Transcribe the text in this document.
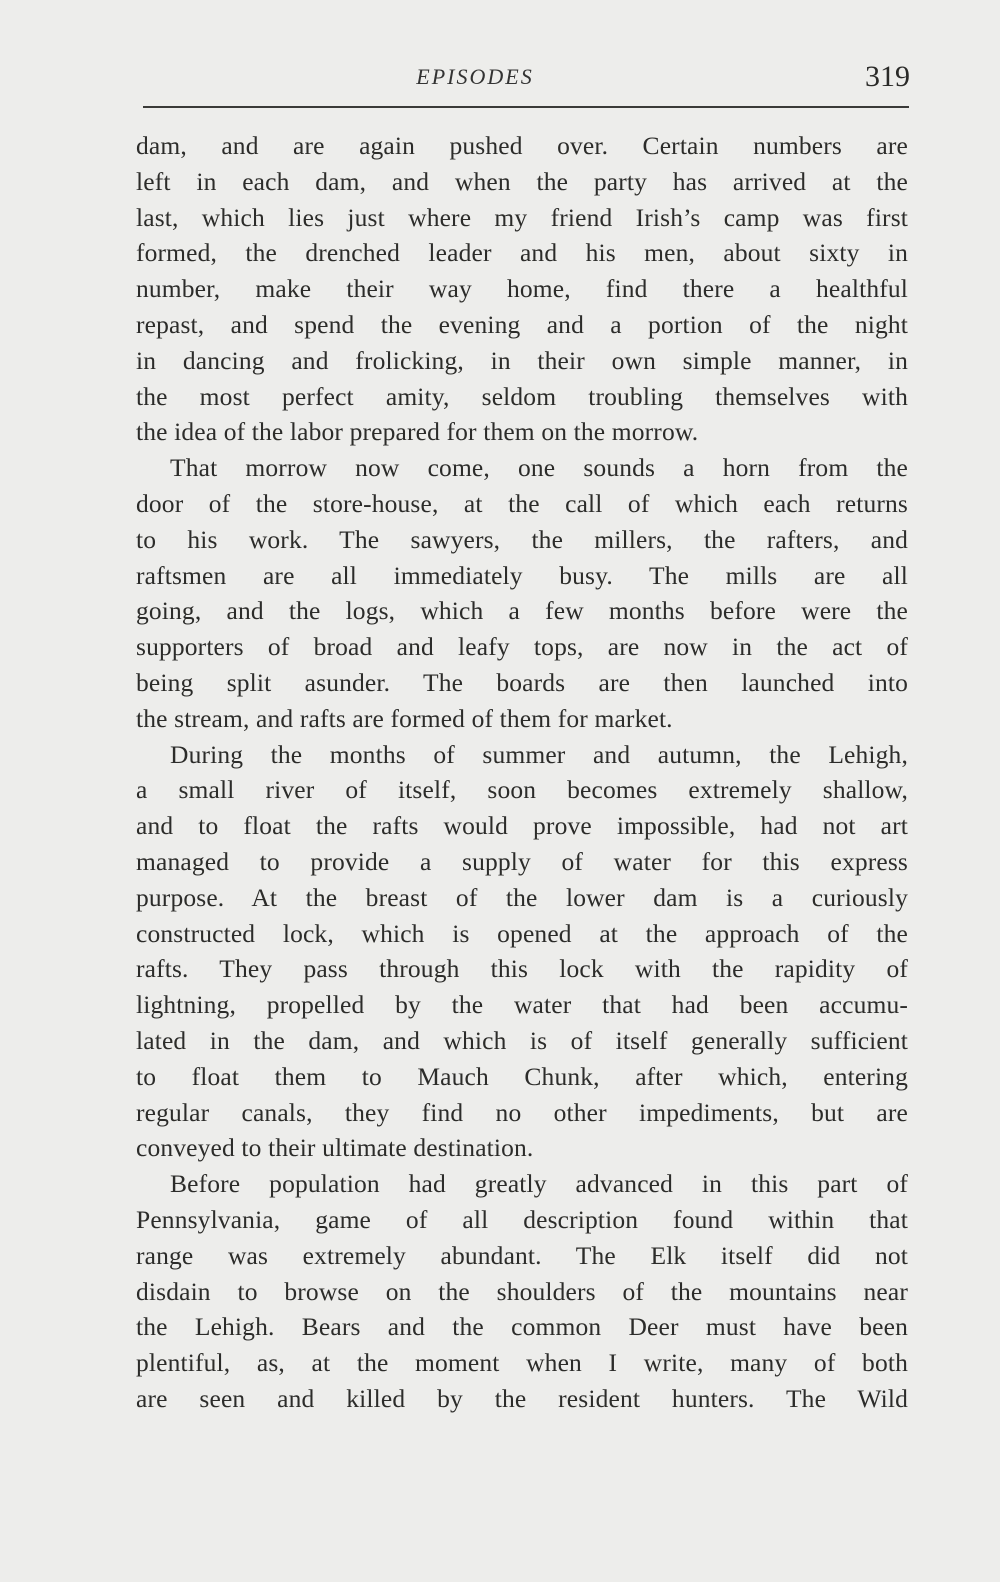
EPISODES	319
dam, and are again pushed over. Certain numbers are
left in each dam, and when the party has arrived at the
last, which lies just where my friend Irish’s camp was first
formed, the drenched leader and his men, about sixty in
number, make their way home, find there a healthful
repast, and spend the evening and a portion of the night
in dancing and frolicking, in their own simple manner, in
the most perfect amity, seldom troubling themselves with
the idea of the labor prepared for them on the morrow.
That morrow now come, one sounds a horn from the
door of the store-house, at the call of which each returns
to his work. The sawyers, the millers, the rafters, and
raftsmen are all immediately busy. The mills are all
going, and the logs, which a few months before were the
supporters of broad and leafy tops, are now in the act of
being split asunder. The boards are then launched into
the stream, and rafts are formed of them for market.
During the months of summer and autumn, the Lehigh,
a small river of itself, soon becomes extremely shallow,
and to float the rafts would prove impossible, had not art
managed to provide a supply of water for this express
purpose. At the breast of the lower dam is a curiously
constructed lock, which is opened at the approach of the
rafts. They pass through this lock with the rapidity of
lightning, propelled by the water that had been accumu-
lated in the dam, and which is of itself generally sufficient
to float them to Mauch Chunk, after which, entering
regular canals, they find no other impediments, but are
conveyed to their ultimate destination.
Before population had greatly advanced in this part of
Pennsylvania, game of all description found within that
range was extremely abundant. The Elk itself did not
disdain to browse on the shoulders of the mountains near
the Lehigh. Bears and the common Deer must have been
plentiful, as, at the moment when I write, many of both
are seen and killed by the resident hunters. The Wild
